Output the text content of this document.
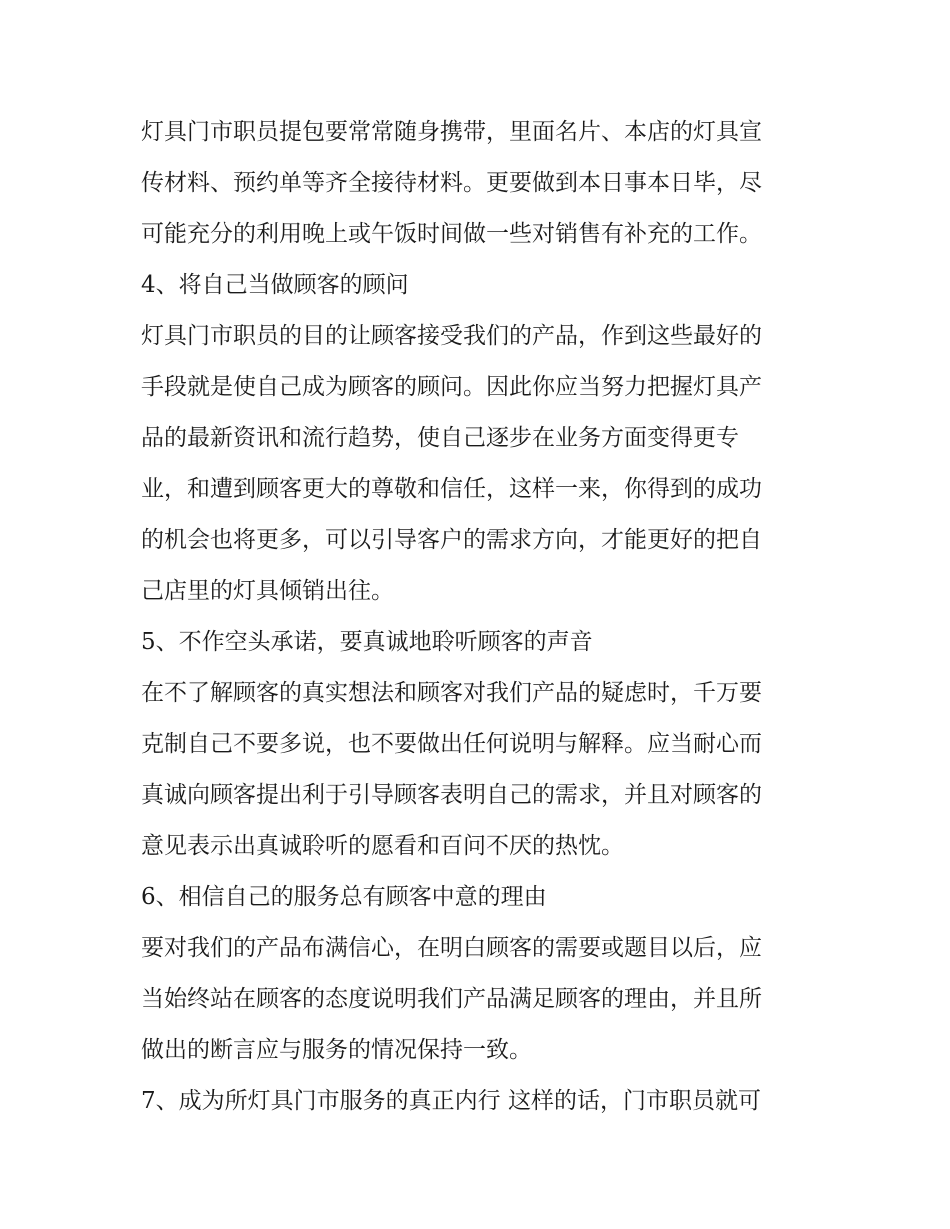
灯具门市职员提包要常常随身携带，里面名片、本店的灯具宣
传材料、预约单等齐全接待材料。更要做到本日事本日毕，尽
可能充分的利用晚上或午饭时间做一些对销售有补充的工作。
4、将自己当做顾客的顾问
灯具门市职员的目的让顾客接受我们的产品，作到这些最好的
手段就是使自己成为顾客的顾问。因此你应当努力把握灯具产
品的最新资讯和流行趋势，使自己逐步在业务方面变得更专
业，和遭到顾客更大的尊敬和信任，这样一来，你得到的成功
的机会也将更多，可以引导客户的需求方向，才能更好的把自
己店里的灯具倾销出往。
5、不作空头承诺，要真诚地聆听顾客的声音
在不了解顾客的真实想法和顾客对我们产品的疑虑时，千万要
克制自己不要多说，也不要做出任何说明与解释。应当耐心而
真诚向顾客提出利于引导顾客表明自己的需求，并且对顾客的
意见表示出真诚聆听的愿看和百问不厌的热忱。
6、相信自己的服务总有顾客中意的理由
要对我们的产品布满信心，在明白顾客的需要或题目以后，应
当始终站在顾客的态度说明我们产品满足顾客的理由，并且所
做出的断言应与服务的情况保持一致。
7、成为所灯具门市服务的真正内行 这样的话，门市职员就可
